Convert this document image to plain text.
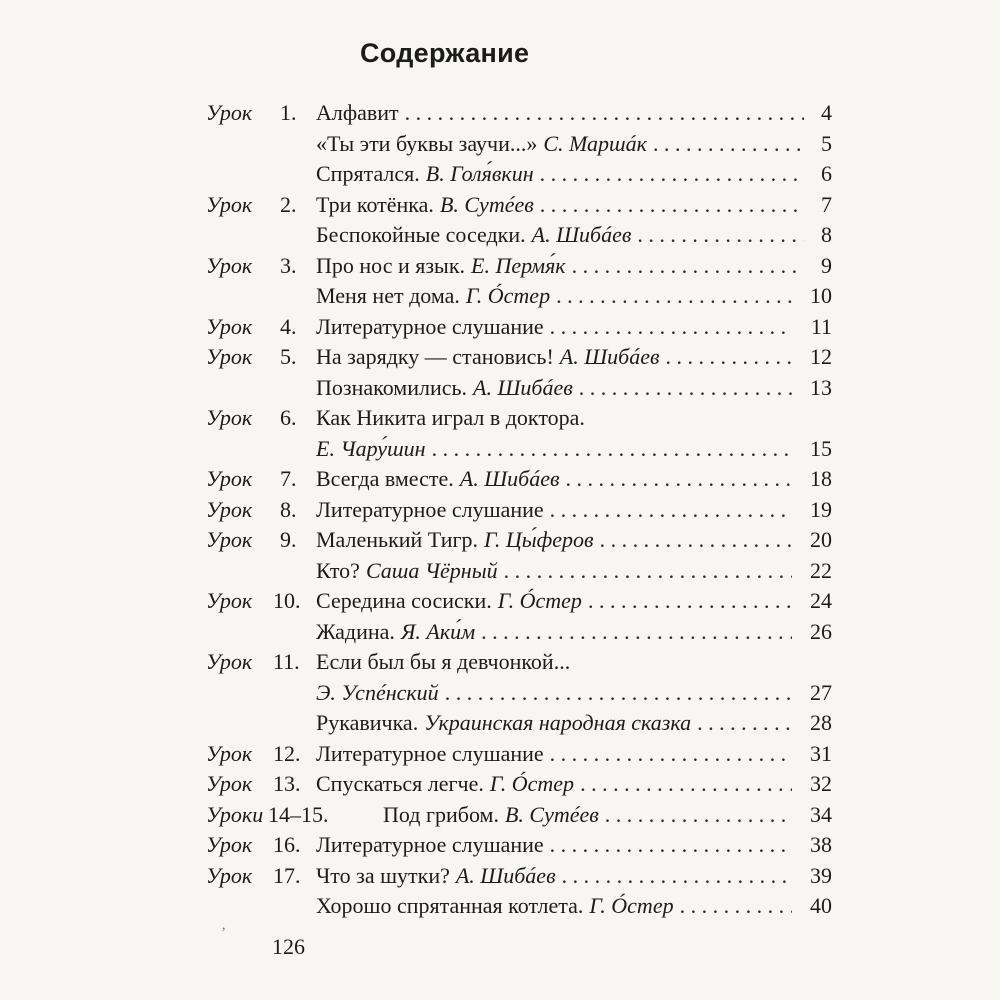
Содержание
Урок 1. Алфавит . . .	4
«Ты эти буквы заучи...» С. Маршáк . . .	5
Спрятался. В. Голя́вкин . . .	6
Урок 2. Три котёнка. В. Сутéев . . .	7
Беспокойные соседки. А. Шибáев . . .	8
Урок 3. Про нос и язык. Е. Пермя́к . . .	9
Меня нет дома. Г. Óстер . . .	10
Урок 4. Литературное слушание . . .	11
Урок 5. На зарядку — становись! А. Шибáев . . .	12
Познакомились. А. Шибáев . . .	13
Урок 6. Как Никита играл в доктора.
Е. Чару́шин . . .	15
Урок 7. Всегда вместе. А. Шибáев . . .	18
Урок 8. Литературное слушание . . .	19
Урок 9. Маленький Тигр. Г. Цы́феров . . .	20
Кто? Саша Чёрный . . .	22
Урок 10. Середина сосиски. Г. Óстер . . .	24
Жадина. Я. Аки́м . . .	26
Урок 11. Если был бы я девчонкой...
Э. Успéнский . . .	27
Рукавичка. Украинская народная сказка . . .	28
Урок 12. Литературное слушание . . .	31
Урок 13. Спускаться легче. Г. Óстер . . .	32
Уроки 14–15. Под грибом. В. Сутéев . . .	34
Урок 16. Литературное слушание . . .	38
Урок 17. Что за шутки? А. Шибáев . . .	39
Хорошо спрятанная котлета. Г. Óстер . . .	40
,
126
